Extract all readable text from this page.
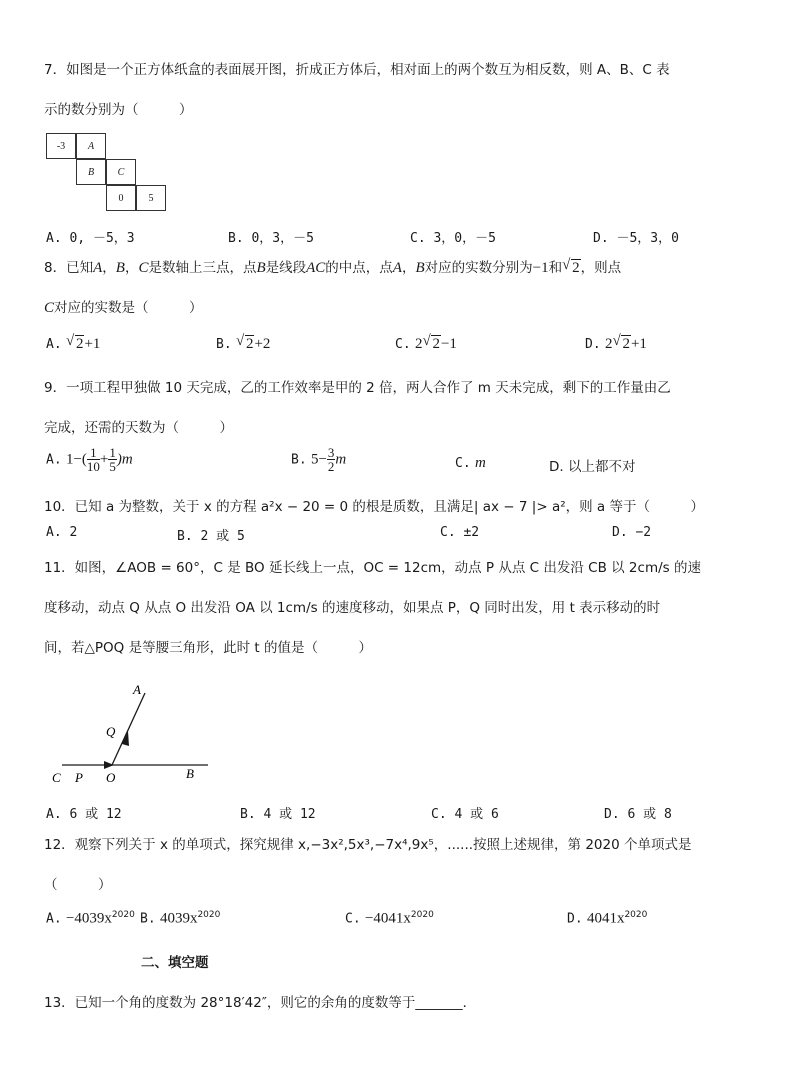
7．如图是一个正方体纸盒的表面展开图，折成正方体后，相对面上的两个数互为相反数，则 A、B、C 表
示的数分别为（　　　）
-3	A
B	C
0	5
A. 0, －5，3	B. 0，3，－5	C. 3，0，－5	D. －5，3，0
8．已知A，B，C是数轴上三点，点B是线段AC的中点，点A，B对应的实数分别为−1和 √ 2，则点
C对应的实数是（　　　）
A. √ 2+1	B. √ 2+2	C. 2 √ 2−1	D. 2 √ 2+1
9．一项工程甲独做 10 天完成，乙的工作效率是甲的 2 倍，两人合作了 m 天未完成，剩下的工作量由乙
完成，还需的天数为（　　　）
A. $1-( \frac{1}{10} + \frac{1}{5} )m$	B. $5- \frac{3}{2}$ m	C. m	D. 以上都不对
10．已知 a 为整数，关于 x 的方程 a²x − 20 = 0 的根是质数，且满足| ax − 7 |> a²，则 a 等于（　　　）
A. 2	B. 2 或 5	C. ±2	D. −2
11．如图，∠AOB = 60°，C 是 BO 延长线上一点，OC = 12cm，动点 P 从点 C 出发沿 CB 以 2cm/s 的速
度移动，动点 Q 从点 O 出发沿 OA 以 1cm/s 的速度移动，如果点 P，Q 同时出发，用 t 表示移动的时
间，若△POQ 是等腰三角形，此时 t 的值是（　　　）
A
Q
C P O	B
A. 6 或 12	B. 4 或 12	C. 4 或 6	D. 6 或 8
12．观察下列关于 x 的单项式，探究规律 x,−3x²,5x³,−7x⁴,9x⁵，......按照上述规律，第 2020 个单项式是
（　　　）
A. $-4039x^{2020}$ B. $4039x^{2020}$	C. $-4041x^{2020}$	D. $4041x^{2020}$
二、填空题
13．已知一个角的度数为 28°18′42″，则它的余角的度数等于_______．
